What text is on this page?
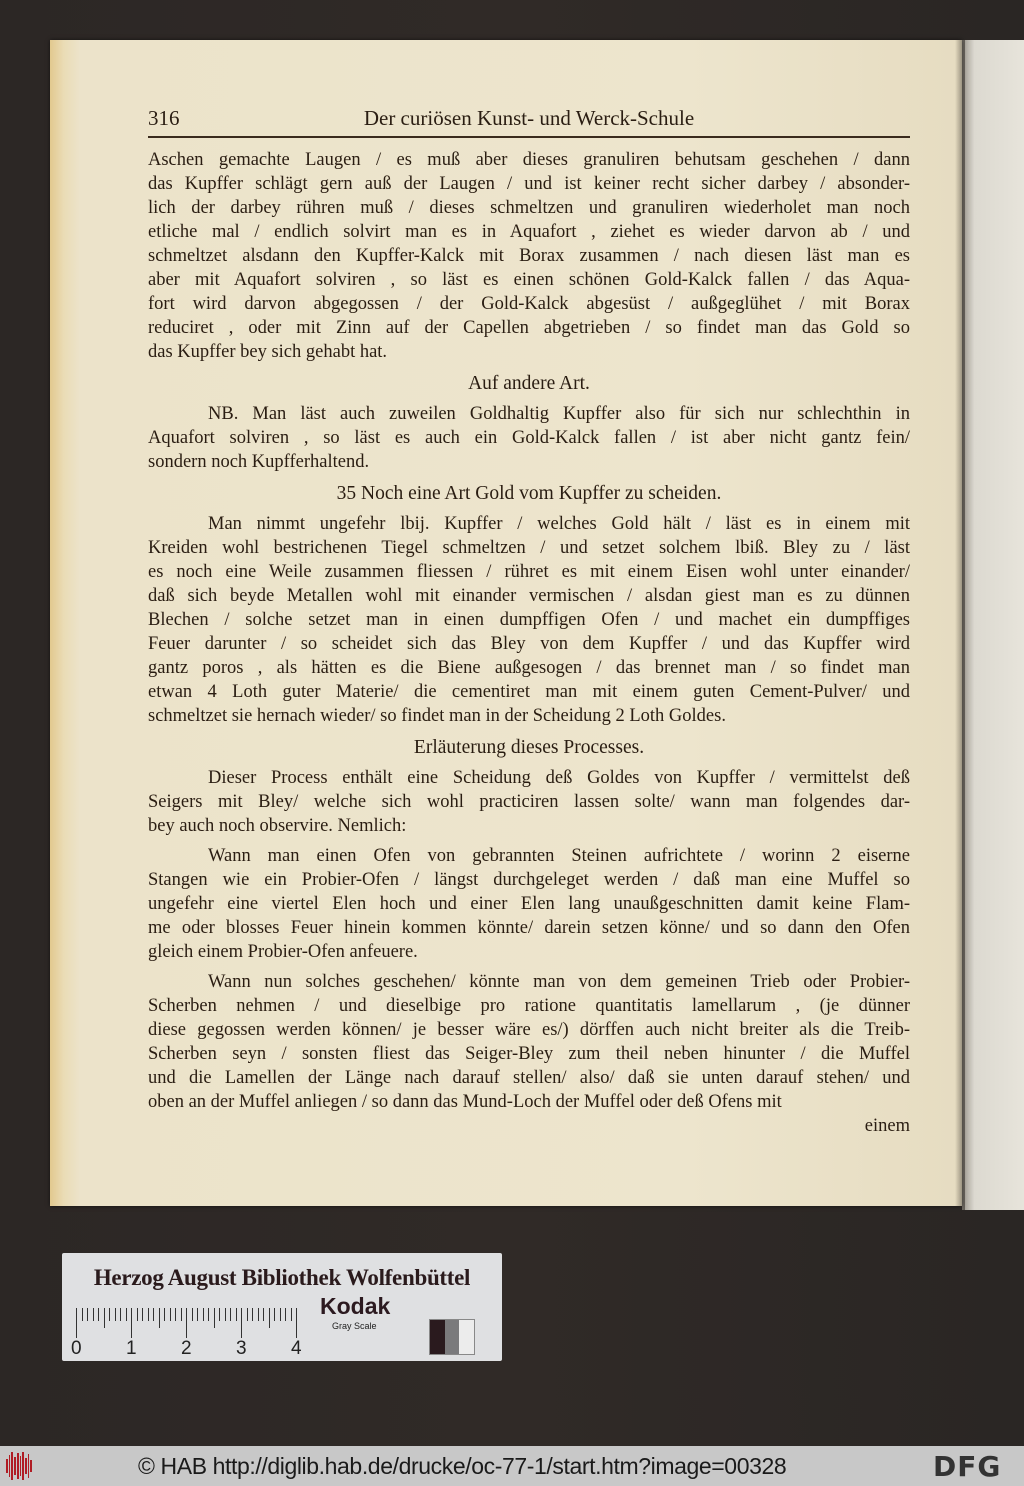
316	Der curiösen Kunst- und Werck-Schule
Aschen gemachte Laugen / es muß aber dieses granuliren behutsam geschehen / dann
das Kupffer schlägt gern auß der Laugen / und ist keiner recht sicher darbey / absonder-
lich der darbey rühren muß / dieses schmeltzen und granuliren wiederholet man noch
etliche mal / endlich solvirt man es in Aquafort , ziehet es wieder darvon ab / und
schmeltzet alsdann den Kupffer-Kalck mit Borax zusammen / nach diesen läst man es
aber mit Aquafort solviren , so läst es einen schönen Gold-Kalck fallen / das Aqua-
fort wird darvon abgegossen / der Gold-Kalck abgesüst / außgeglühet / mit Borax
reduciret , oder mit Zinn auf der Capellen abgetrieben / so findet man das Gold so
das Kupffer bey sich gehabt hat.
Auf andere Art.
NB. Man läst auch zuweilen Goldhaltig Kupffer also für sich nur schlechthin in
Aquafort solviren , so läst es auch ein Gold-Kalck fallen / ist aber nicht gantz fein/
sondern noch Kupfferhaltend.
35 Noch eine Art Gold vom Kupffer zu scheiden.
Man nimmt ungefehr lbij. Kupffer / welches Gold hält / läst es in einem mit
Kreiden wohl bestrichenen Tiegel schmeltzen / und setzet solchem lbiß. Bley zu / läst
es noch eine Weile zusammen fliessen / rühret es mit einem Eisen wohl unter einander/
daß sich beyde Metallen wohl mit einander vermischen / alsdan giest man es zu dünnen
Blechen / solche setzet man in einen dumpffigen Ofen / und machet ein dumpffiges
Feuer darunter / so scheidet sich das Bley von dem Kupffer / und das Kupffer wird
gantz poros , als hätten es die Biene außgesogen / das brennet man / so findet man
etwan 4 Loth guter Materie/ die cementiret man mit einem guten Cement-Pulver/ und
schmeltzet sie hernach wieder/ so findet man in der Scheidung 2 Loth Goldes.
Erläuterung dieses Processes.
Dieser Process enthält eine Scheidung deß Goldes von Kupffer / vermittelst deß
Seigers mit Bley/ welche sich wohl practiciren lassen solte/ wann man folgendes dar-
bey auch noch observire. Nemlich:
Wann man einen Ofen von gebrannten Steinen aufrichtete / worinn 2 eiserne
Stangen wie ein Probier-Ofen / längst durchgeleget werden / daß man eine Muffel so
ungefehr eine viertel Elen hoch und einer Elen lang unaußgeschnitten damit keine Flam-
me oder blosses Feuer hinein kommen könnte/ darein setzen könne/ und so dann den Ofen
gleich einem Probier-Ofen anfeuere.
Wann nun solches geschehen/ könnte man von dem gemeinen Trieb oder Probier-
Scherben nehmen / und dieselbige pro ratione quantitatis lamellarum , (je dünner
diese gegossen werden können/ je besser wäre es/) dörffen auch nicht breiter als die Treib-
Scherben seyn / sonsten fliest das Seiger-Bley zum theil neben hinunter / die Muffel
und die Lamellen der Länge nach darauf stellen/ also/ daß sie unten darauf stehen/ und
oben an der Muffel anliegen / so dann das Mund-Loch der Muffel oder deß Ofens mit
einem
Herzog August Bibliothek Wolfenbüttel
0 1 2 3 4
Kodak
Gray Scale
© HAB http://diglib.hab.de/drucke/oc-77-1/start.htm?image=00328	DFG
